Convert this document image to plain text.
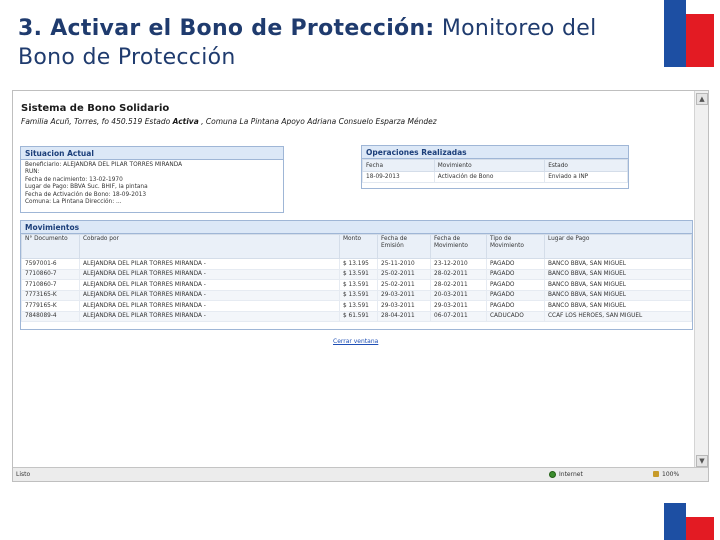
3. Activar el Bono de Protección: Monitoreo del Bono de Protección
Sistema de Bono Solidario
Familia Acuñ, Torres, fo 450.519 Estado Activa , Comuna La Pintana Apoyo Adriana Consuelo Esparza Méndez
Situacion Actual
Beneficiario: ALEJANDRA DEL PILAR TORRES MIRANDA
RUN:
Fecha de nacimiento: 13-02-1970
Lugar de Pago: BBVA Suc. BHIF, la pintana
Fecha de Activación de Bono: 18-09-2013
Comuna: La Pintana Dirección: ...
Operaciones Realizadas
Fecha	Movimiento	Estado
18-09-2013	Activación de Bono	Enviado a INP
Movimientos
N° Documento	Cobrado por	Monto	Fecha de Emisión	Fecha de Movimiento	Tipo de Movimiento	Lugar de Pago
7597001-6	ALEJANDRA DEL PILAR TORRES MIRANDA -	$ 13.195	25-11-2010	23-12-2010	PAGADO	BANCO BBVA, SAN MIGUEL
7710860-7	ALEJANDRA DEL PILAR TORRES MIRANDA -	$ 13.591	25-02-2011	28-02-2011	PAGADO	BANCO BBVA, SAN MIGUEL
7710860-7	ALEJANDRA DEL PILAR TORRES MIRANDA -	$ 13.591	25-02-2011	28-02-2011	PAGADO	BANCO BBVA, SAN MIGUEL
7773165-K	ALEJANDRA DEL PILAR TORRES MIRANDA -	$ 13.591	29-03-2011	20-03-2011	PAGADO	BANCO BBVA, SAN MIGUEL
7779165-K	ALEJANDRA DEL PILAR TORRES MIRANDA -	$ 13.591	29-03-2011	29-03-2011	PAGADO	BANCO BBVA, SAN MIGUEL
7848089-4	ALEJANDRA DEL PILAR TORRES MIRANDA -	$ 61.591	28-04-2011	06-07-2011	CADUCADO	CCAF LOS HEROES, SAN MIGUEL
Cerrar ventana
▲
▼
Listo	Internet	100%
